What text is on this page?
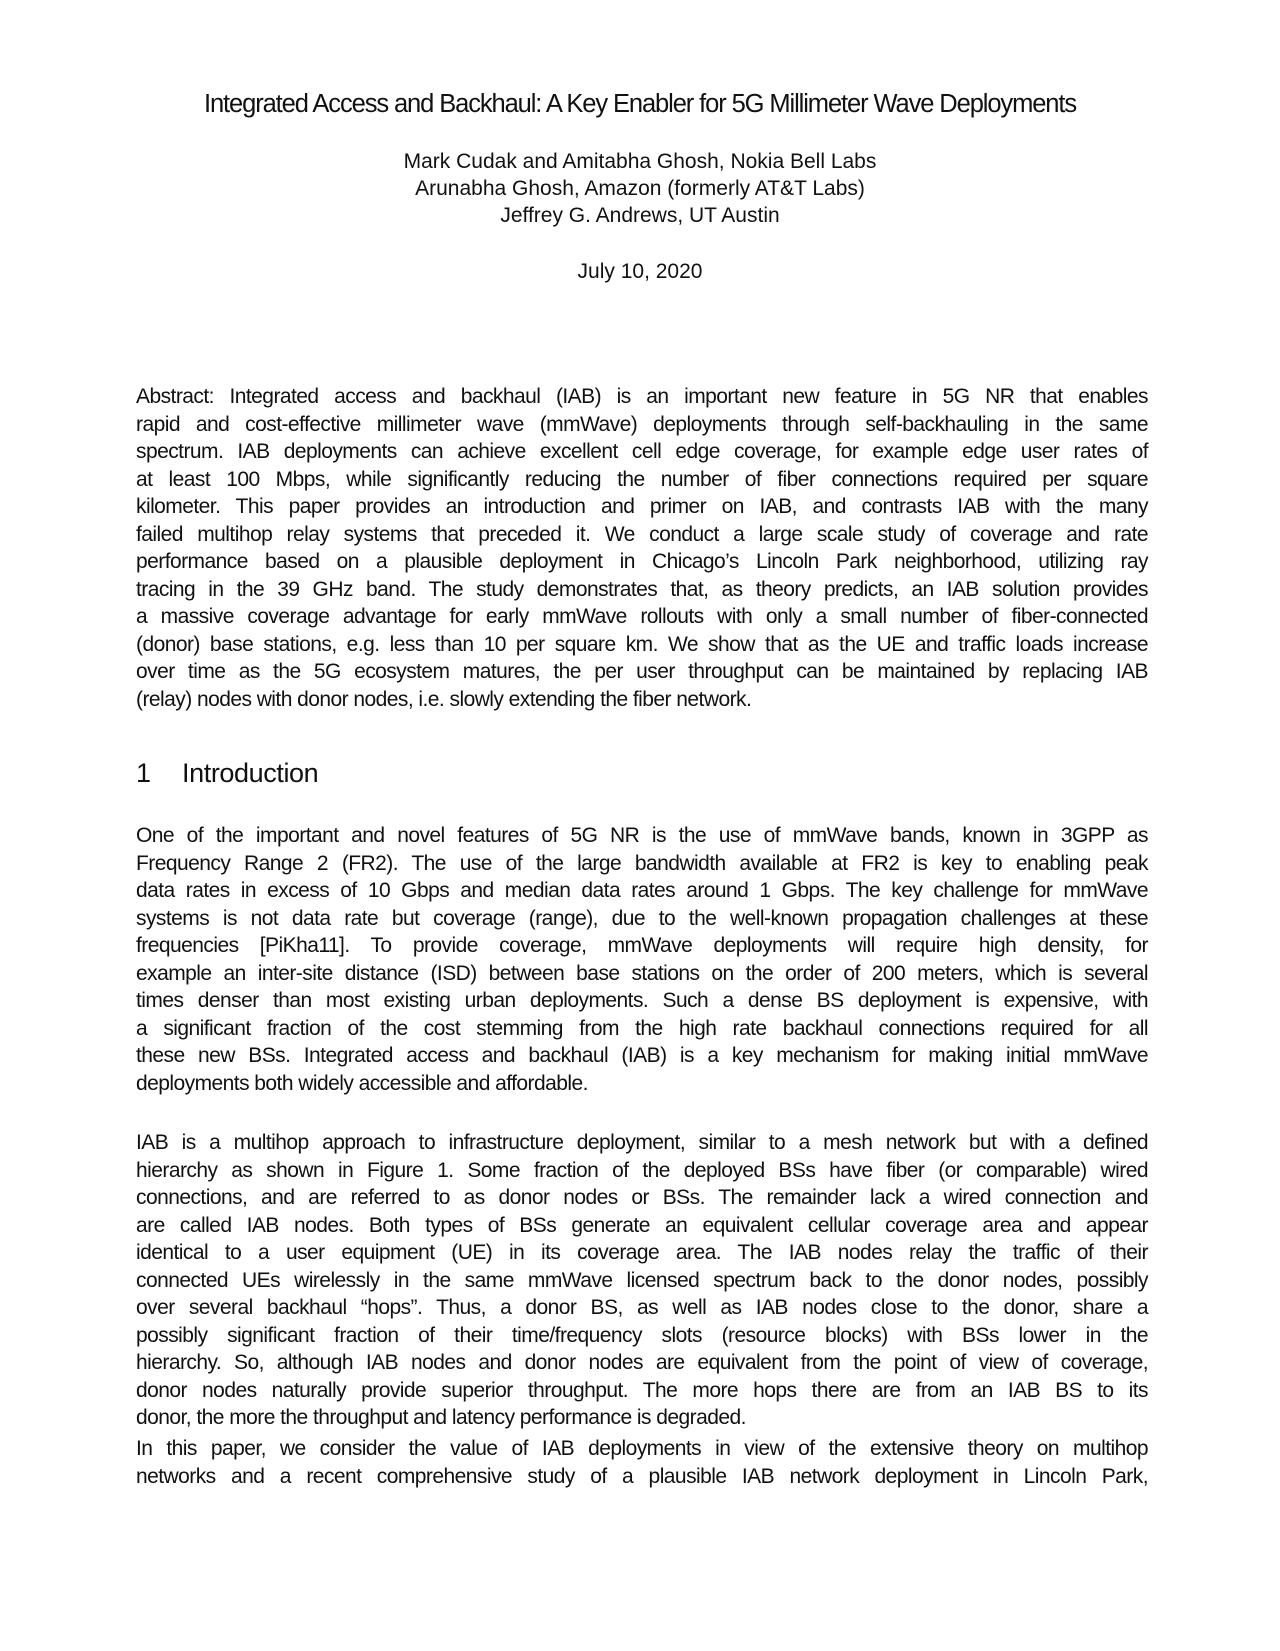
Integrated Access and Backhaul: A Key Enabler for 5G Millimeter Wave Deployments
Mark Cudak and Amitabha Ghosh, Nokia Bell Labs
Arunabha Ghosh, Amazon (formerly AT&T Labs)
Jeffrey G. Andrews, UT Austin
July 10, 2020
Abstract: Integrated access and backhaul (IAB) is an important new feature in 5G NR that enables
rapid and cost-effective millimeter wave (mmWave) deployments through self-backhauling in the same
spectrum. IAB deployments can achieve excellent cell edge coverage, for example edge user rates of
at least 100 Mbps, while significantly reducing the number of fiber connections required per square
kilometer. This paper provides an introduction and primer on IAB, and contrasts IAB with the many
failed multihop relay systems that preceded it. We conduct a large scale study of coverage and rate
performance based on a plausible deployment in Chicago’s Lincoln Park neighborhood, utilizing ray
tracing in the 39 GHz band. The study demonstrates that, as theory predicts, an IAB solution provides
a massive coverage advantage for early mmWave rollouts with only a small number of fiber-connected
(donor) base stations, e.g. less than 10 per square km. We show that as the UE and traffic loads increase
over time as the 5G ecosystem matures, the per user throughput can be maintained by replacing IAB
(relay) nodes with donor nodes, i.e. slowly extending the fiber network.
1 Introduction
One of the important and novel features of 5G NR is the use of mmWave bands, known in 3GPP as
Frequency Range 2 (FR2). The use of the large bandwidth available at FR2 is key to enabling peak
data rates in excess of 10 Gbps and median data rates around 1 Gbps. The key challenge for mmWave
systems is not data rate but coverage (range), due to the well-known propagation challenges at these
frequencies [PiKha11]. To provide coverage, mmWave deployments will require high density, for
example an inter-site distance (ISD) between base stations on the order of 200 meters, which is several
times denser than most existing urban deployments. Such a dense BS deployment is expensive, with
a significant fraction of the cost stemming from the high rate backhaul connections required for all
these new BSs. Integrated access and backhaul (IAB) is a key mechanism for making initial mmWave
deployments both widely accessible and affordable.
IAB is a multihop approach to infrastructure deployment, similar to a mesh network but with a defined
hierarchy as shown in Figure 1. Some fraction of the deployed BSs have fiber (or comparable) wired
connections, and are referred to as donor nodes or BSs. The remainder lack a wired connection and
are called IAB nodes. Both types of BSs generate an equivalent cellular coverage area and appear
identical to a user equipment (UE) in its coverage area. The IAB nodes relay the traffic of their
connected UEs wirelessly in the same mmWave licensed spectrum back to the donor nodes, possibly
over several backhaul “hops”. Thus, a donor BS, as well as IAB nodes close to the donor, share a
possibly significant fraction of their time/frequency slots (resource blocks) with BSs lower in the
hierarchy. So, although IAB nodes and donor nodes are equivalent from the point of view of coverage,
donor nodes naturally provide superior throughput. The more hops there are from an IAB BS to its
donor, the more the throughput and latency performance is degraded.
In this paper, we consider the value of IAB deployments in view of the extensive theory on multihop
networks and a recent comprehensive study of a plausible IAB network deployment in Lincoln Park,
